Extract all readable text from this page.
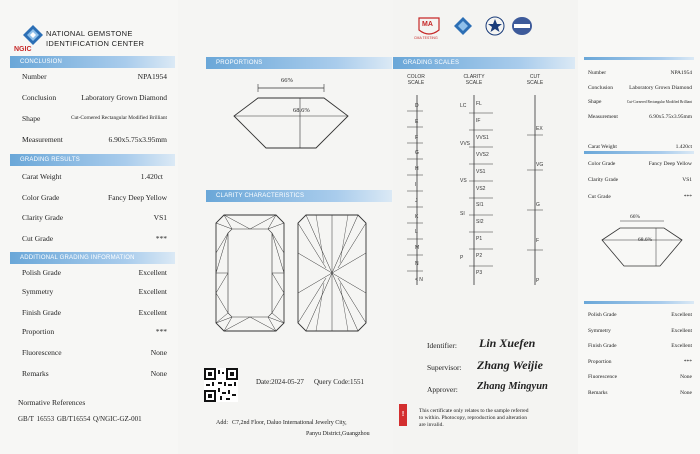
NGIC
NATIONAL GEMSTONE
IDENTIFICATION CENTER
CONCLUSION
Number	NPA1954
Conclusion	Laboratory Grown Diamond
Shape	Cut-Cornered Rectangular Modified Brilliant
Measurement	6.90x5.75x3.95mm
GRADING RESULTS
Carat Weight	1.420ct
Color Grade	Fancy Deep Yellow
Clarity Grade	VS1
Cut Grade	***
ADDITIONAL GRADING INFORMATION
Polish Grade	Excellent
Symmetry	Excellent
Finish Grade	Excellent
Proportion	***
Fluorescence	None
Remarks	None
Normative References
GB/T 16553 GB/T16554 Q/NGIC-GZ-001
PROPORTIONS
66%
68.6%
CLARITY CHARACTERISTICS
Date:2024-05-27 Query Code:1551
Add: C7,2nd Floor, Daluo International Jewelry City,
Panyu District,Guangzhou
MA
CMA TESTING
GRADING SCALES
COLOR
SCALE
CLARITY
SCALE
CUT
SCALE
D
E
F
G
H
I
J
K
L
M
N
< N
LC
VVS
VS
SI
P
FL
IF
VVS1
VVS2
VS1
VS2
SI1
SI2
P1
P2
P3
EX
VG
G
F
P
Identifier: Lin Xuefen
Supervisor: Zhang Weijie
Approver: Zhang Mingyun
!	This certificate only relates to the sample referred
to within. Photocopy, reproduction and alteration
are invalid.
Number	NPA1954
Conclusion	Laboratory Grown Diamond
Shape	Cut-Cornered Rectangular Modified Brilliant
Measurement	6.90x5.75x3.95mm
Carat Weight	1.420ct
Color Grade	Fancy Deep Yellow
Clarity Grade	VS1
Cut Grade	***
66%
68.6%
Polish Grade	Excellent
Symmetry	Excellent
Finish Grade	Excellent
Proportion	***
Fluorescence	None
Remarks	None
